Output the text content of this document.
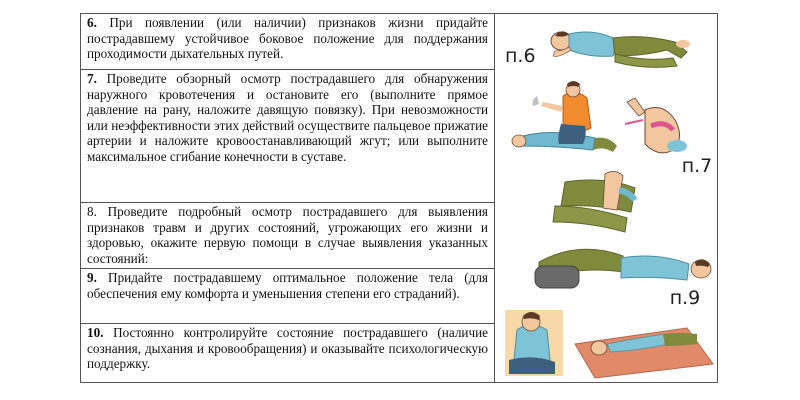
6. При появлении (или наличии) признаков жизни придайте пострадавшему устойчивое боковое положение для поддержания проходимости дыхательных путей.
7. Проведите обзорный осмотр пострадавшего для обнаружения наружного кровотечения и остановите его (выполните прямое давление на рану, наложите давящую повязку). При невозможности или неэффективности этих действий осуществите пальцевое прижатие артерии и наложите кровоостанавливающий жгут; или выполните максимальное сгибание конечности в суставе.
8. Проведите подробный осмотр пострадавшего для выявления признаков травм и других состояний, угрожающих его жизни и здоровью, окажите первую помощи в случае выявления указанных состояний:
9. Придайте пострадавшему оптимальное положение тела (для обеспечения ему комфорта и уменьшения степени его страданий).
10. Постоянно контролируйте состояние пострадавшего (наличие сознания, дыхания и кровообращения) и оказывайте психологическую поддержку.
п.6
п.7
п.9
